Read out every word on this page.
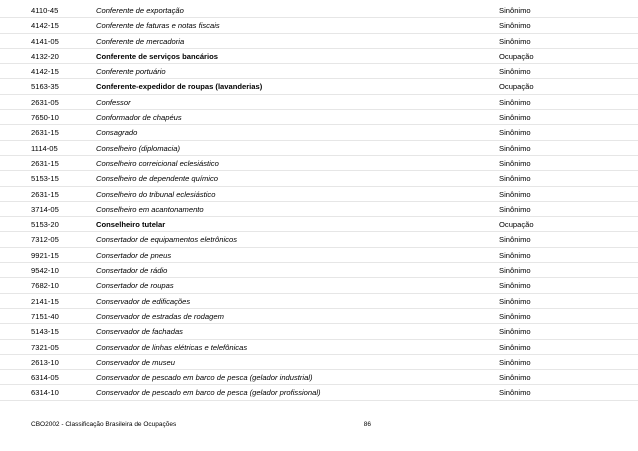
4110-45	Conferente de exportação	Sinônimo
4142-15	Conferente de faturas e notas fiscais	Sinônimo
4141-05	Conferente de mercadoria	Sinônimo
4132-20	Conferente de serviços bancários	Ocupação
4142-15	Conferente portuário	Sinônimo
5163-35	Conferente-expedidor de roupas (lavanderias)	Ocupação
2631-05	Confessor	Sinônimo
7650-10	Conformador de chapéus	Sinônimo
2631-15	Consagrado	Sinônimo
1114-05	Conselheiro (diplomacia)	Sinônimo
2631-15	Conselheiro correicional eclesiástico	Sinônimo
5153-15	Conselheiro de dependente químico	Sinônimo
2631-15	Conselheiro do tribunal eclesiástico	Sinônimo
3714-05	Conselheiro em acantonamento	Sinônimo
5153-20	Conselheiro tutelar	Ocupação
7312-05	Consertador de equipamentos eletrônicos	Sinônimo
9921-15	Consertador de pneus	Sinônimo
9542-10	Consertador de rádio	Sinônimo
7682-10	Consertador de roupas	Sinônimo
2141-15	Conservador de edificações	Sinônimo
7151-40	Conservador de estradas de rodagem	Sinônimo
5143-15	Conservador de fachadas	Sinônimo
7321-05	Conservador de linhas elétricas e telefônicas	Sinônimo
2613-10	Conservador de museu	Sinônimo
6314-05	Conservador de pescado em barco de pesca (gelador industrial)	Sinônimo
6314-10	Conservador de pescado em barco de pesca (gelador profissional)	Sinônimo
CBO2002 - Classificação Brasileira de Ocupações	86
